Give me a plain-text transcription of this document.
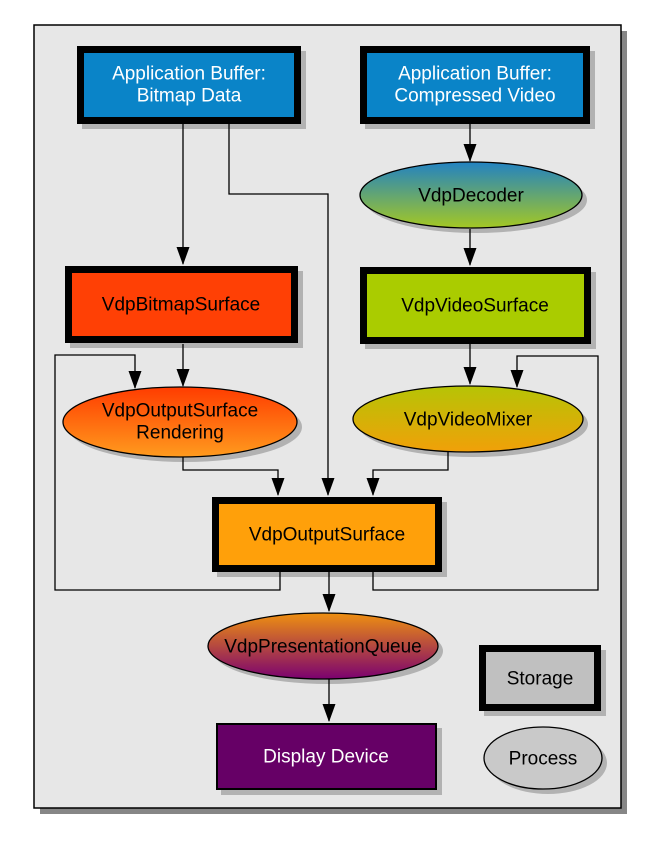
Application Buffer:
Bitmap Data
Application Buffer:
Compressed Video
VdpDecoder
VdpBitmapSurface	VdpVideoSurface
VdpOutputSurface
Rendering
VdpVideoMixer
VdpOutputSurface
VdpPresentationQueue
Display Device
Storage
Process
